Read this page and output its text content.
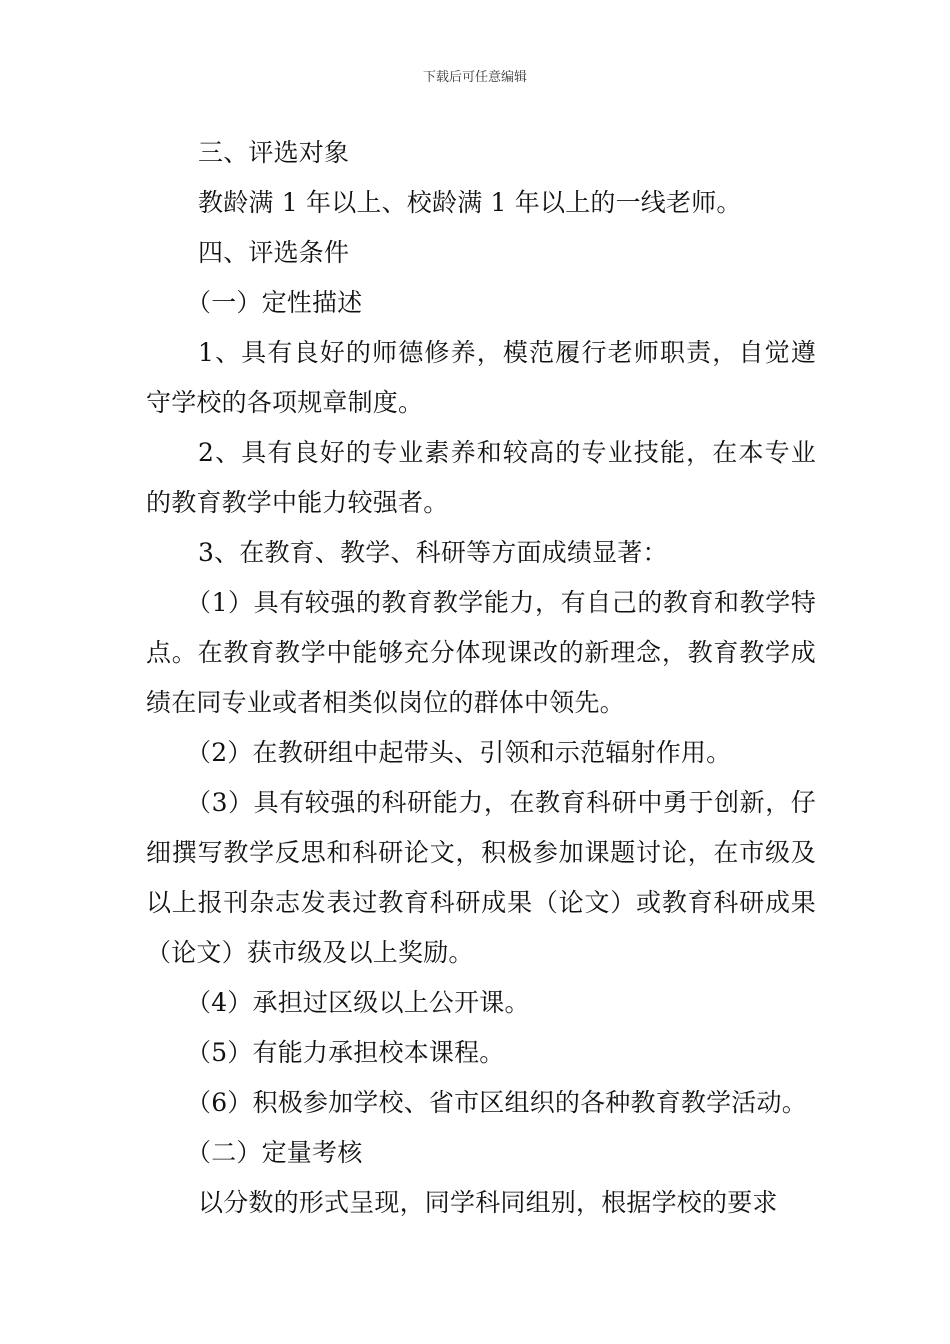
下载后可任意编辑

三、评选对象

教龄满 1 年以上、校龄满 1 年以上的一线老师。

四、评选条件

（一）定性描述

1、具有良好的师德修养，模范履行老师职责，自觉遵守学校的各项规章制度。

2、具有良好的专业素养和较高的专业技能，在本专业的教育教学中能力较强者。

3、在教育、教学、科研等方面成绩显著：

（1）具有较强的教育教学能力，有自己的教育和教学特点。在教育教学中能够充分体现课改的新理念，教育教学成绩在同专业或者相类似岗位的群体中领先。

（2）在教研组中起带头、引领和示范辐射作用。

（3）具有较强的科研能力，在教育科研中勇于创新，仔细撰写教学反思和科研论文，积极参加课题讨论，在市级及以上报刊杂志发表过教育科研成果（论文）或教育科研成果（论文）获市级及以上奖励。

（4）承担过区级以上公开课。

（5）有能力承担校本课程。

（6）积极参加学校、省市区组织的各种教育教学活动。

（二）定量考核

以分数的形式呈现，同学科同组别，根据学校的要求
